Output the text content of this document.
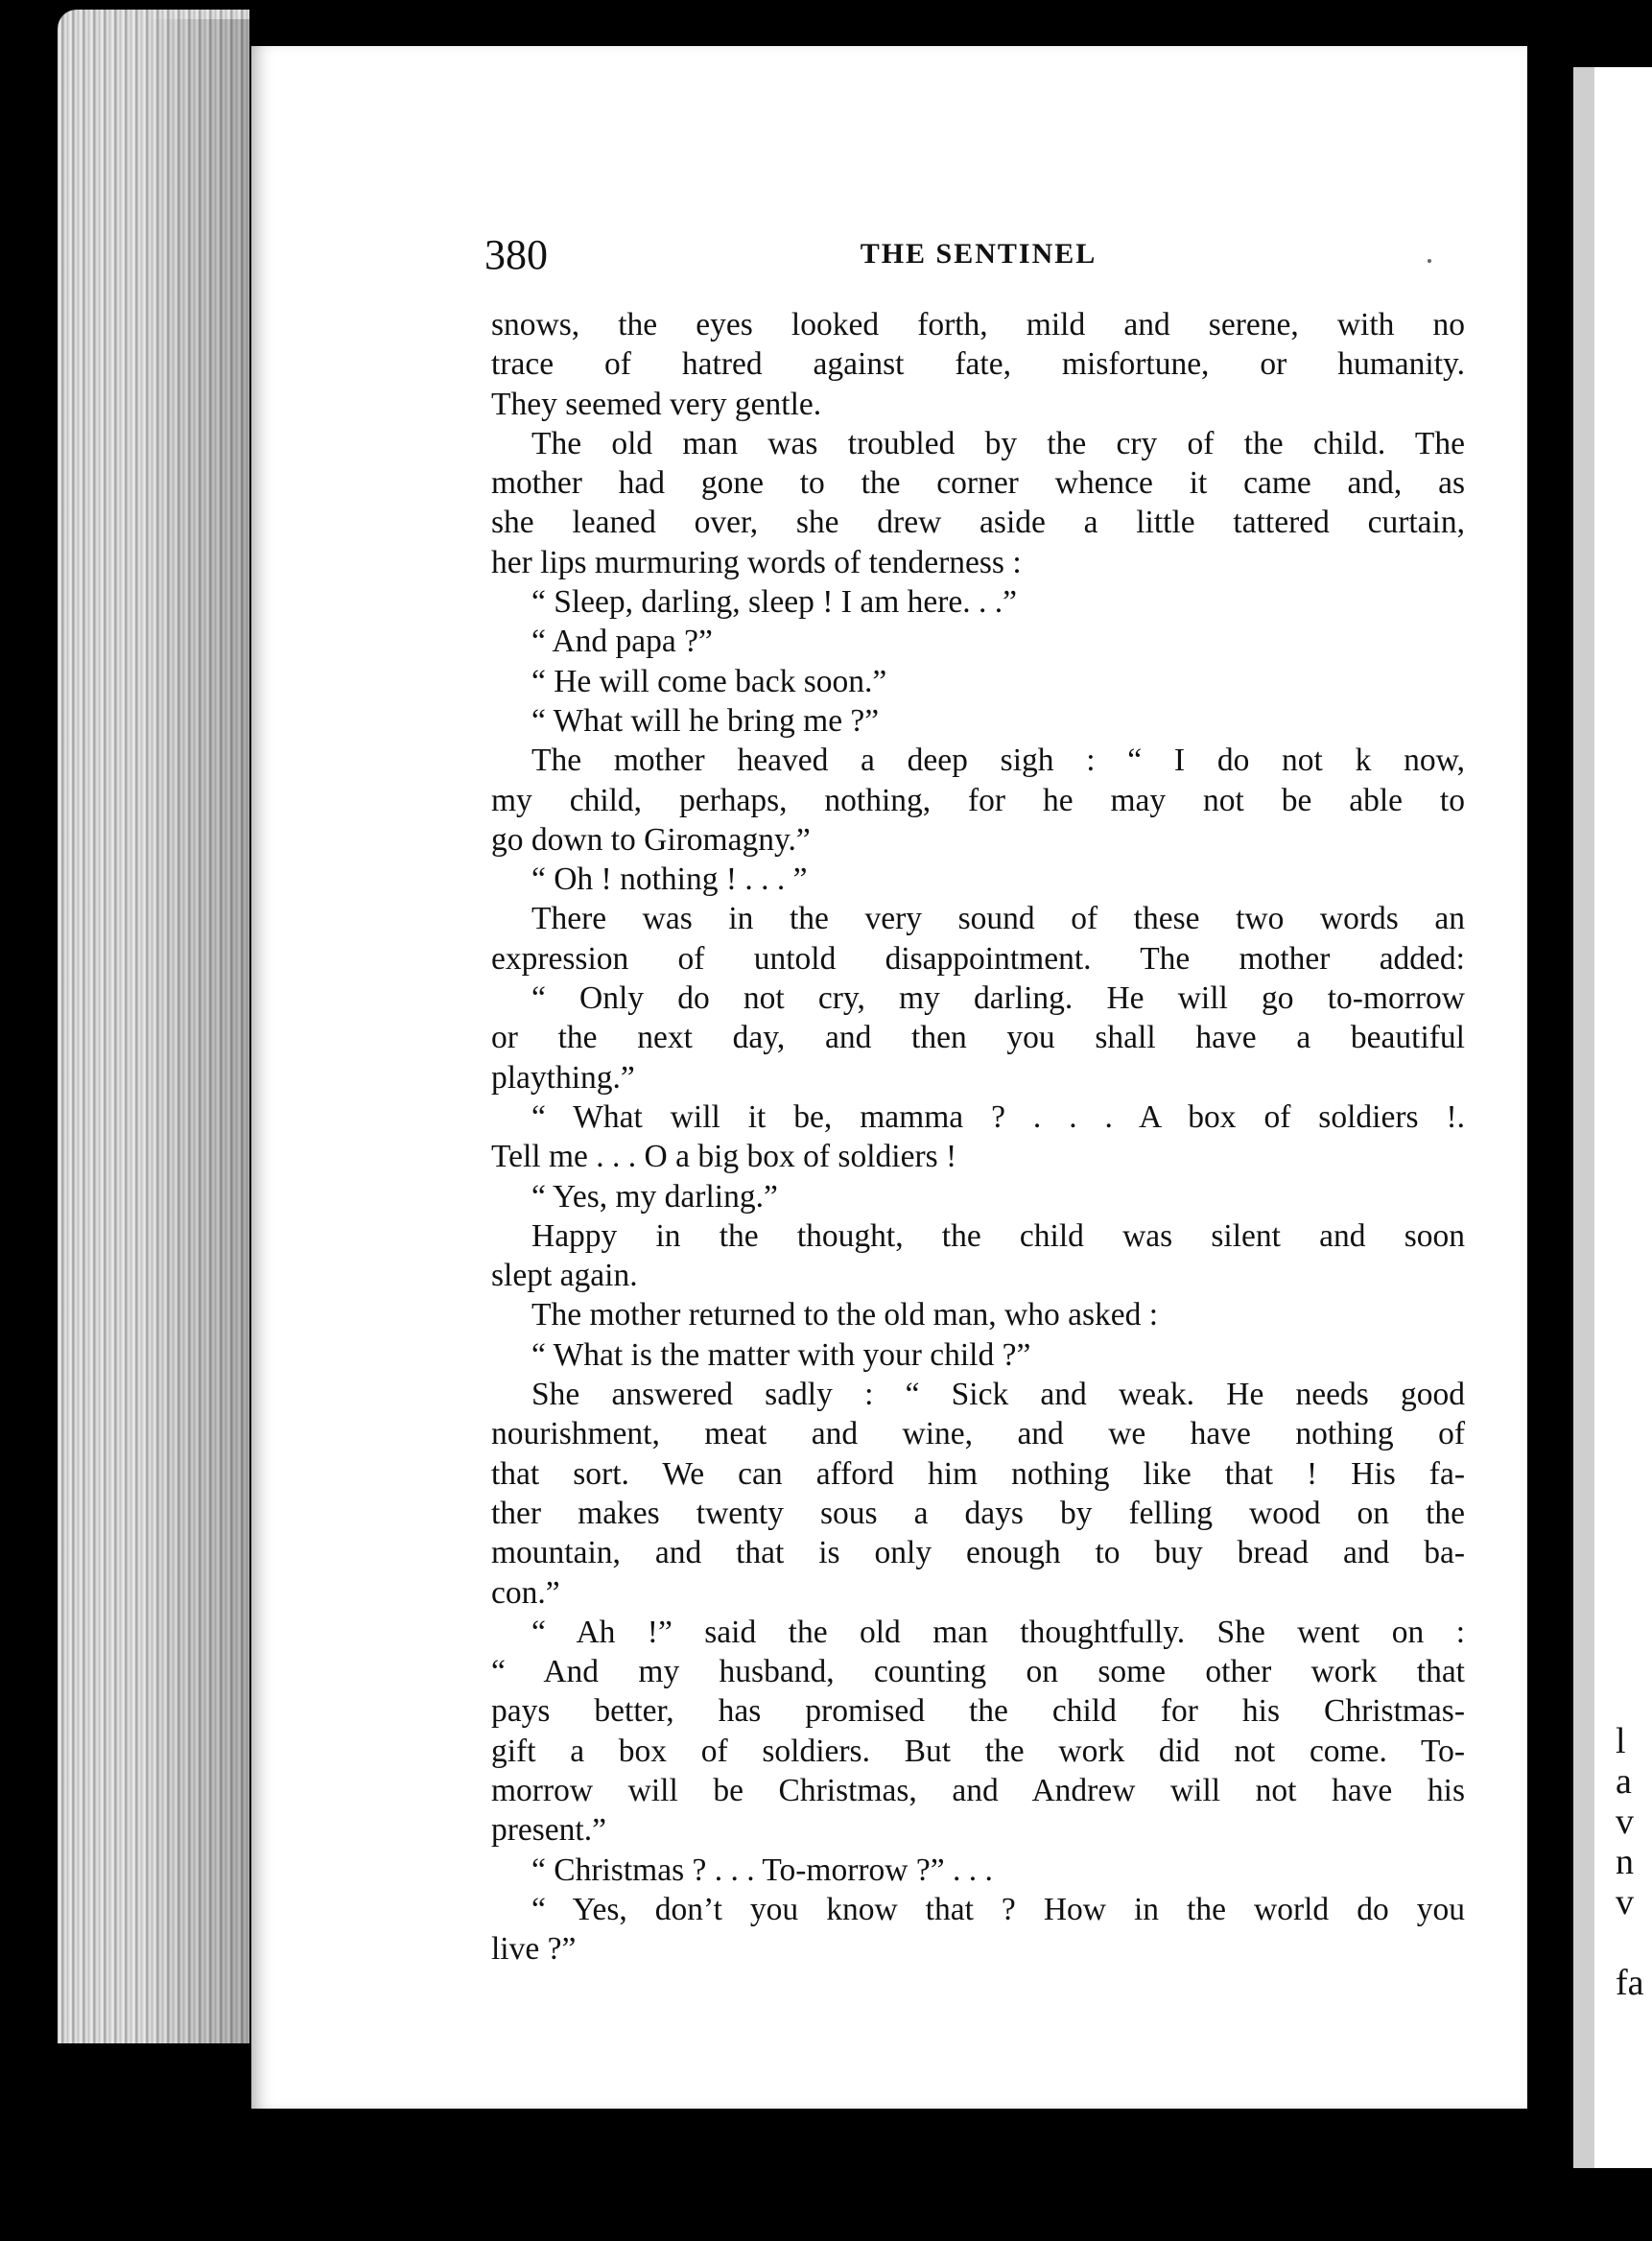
l
a
v
n
v
fa
380	THE SENTINEL
snows, the eyes looked forth, mild and serene, with no
trace of hatred against fate, misfortune, or humanity.
They seemed very gentle.
The old man was troubled by the cry of the child. The
mother had gone to the corner whence it came and, as
she leaned over, she drew aside a little tattered curtain,
her lips murmuring words of tenderness :
“ Sleep, darling, sleep ! I am here. . .”
“ And papa ?”
“ He will come back soon.”
“ What will he bring me ?”
The mother heaved a deep sigh : “ I do not k now,
my child, perhaps, nothing, for he may not be able to
go down to Giromagny.”
“ Oh ! nothing ! . . . ”
There was in the very sound of these two words an
expression of untold disappointment. The mother added:
“ Only do not cry, my darling. He will go to-morrow
or the next day, and then you shall have a beautiful
plaything.”
“ What will it be, mamma ? . . . A box of soldiers !.
Tell me . . . O a big box of soldiers !
“ Yes, my darling.”
Happy in the thought, the child was silent and soon
slept again.
The mother returned to the old man, who asked :
“ What is the matter with your child ?”
She answered sadly : “ Sick and weak. He needs good
nourishment, meat and wine, and we have nothing of
that sort. We can afford him nothing like that ! His fa-
ther makes twenty sous a days by felling wood on the
mountain, and that is only enough to buy bread and ba-
con.”
“ Ah !” said the old man thoughtfully. She went on :
“ And my husband, counting on some other work that
pays better, has promised the child for his Christmas-
gift a box of soldiers. But the work did not come. To-
morrow will be Christmas, and Andrew will not have his
present.”
“ Christmas ? . . . To-morrow ?” . . .
“ Yes, don’t you know that ? How in the world do you
live ?”
